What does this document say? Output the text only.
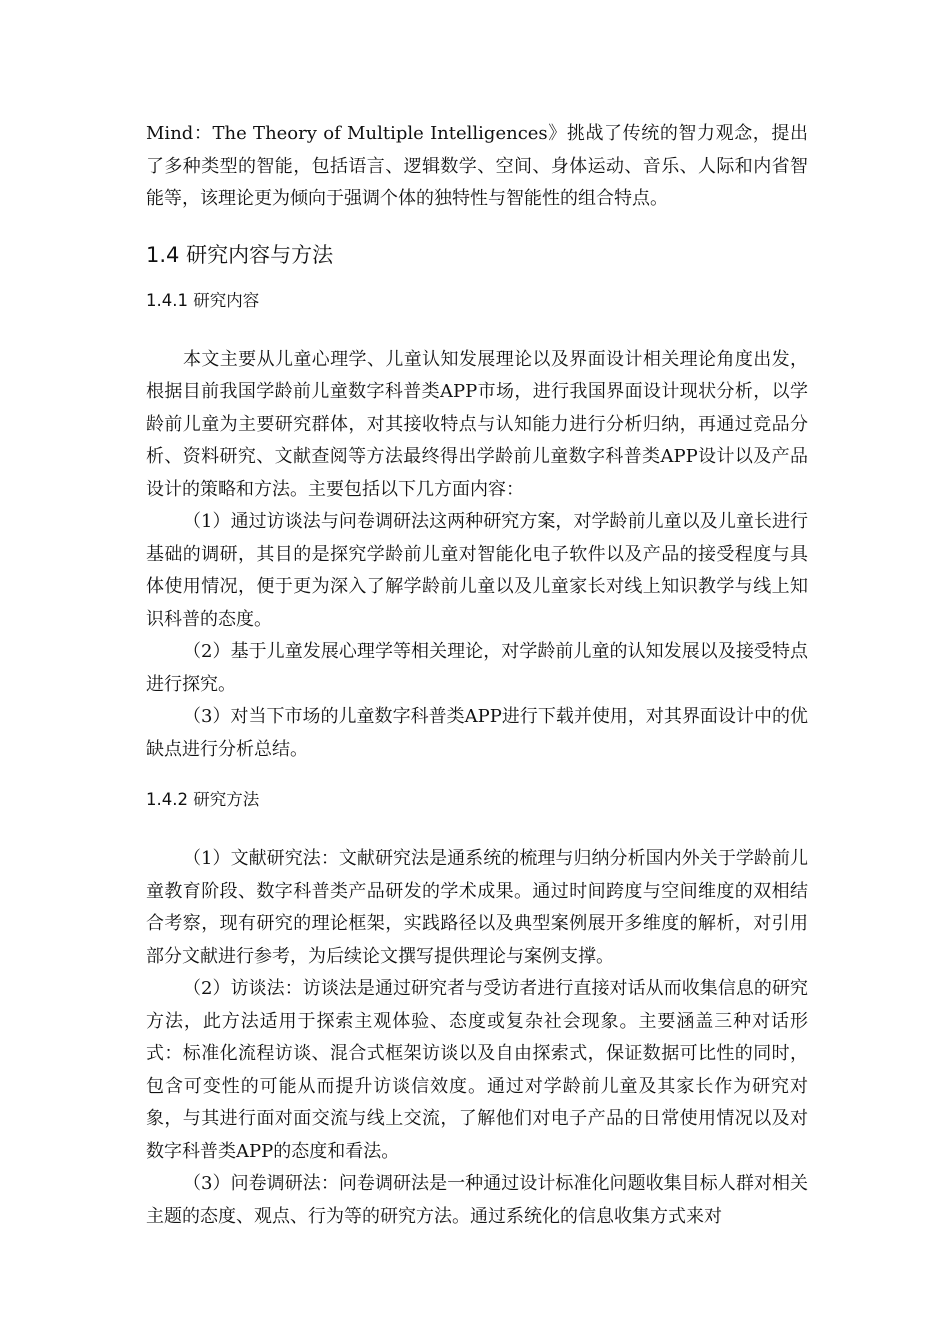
Mind：The Theory of Multiple Intelligences》挑战了传统的智力观念，提出了多种类型的智能，包括语言、逻辑数学、空间、身体运动、音乐、人际和内省智能等，该理论更为倾向于强调个体的独特性与智能性的组合特点。

1.4 研究内容与方法
1.4.1 研究内容

本文主要从儿童心理学、儿童认知发展理论以及界面设计相关理论角度出发，根据目前我国学龄前儿童数字科普类APP市场，进行我国界面设计现状分析，以学龄前儿童为主要研究群体，对其接收特点与认知能力进行分析归纳，再通过竞品分析、资料研究、文献查阅等方法最终得出学龄前儿童数字科普类APP设计以及产品设计的策略和方法。主要包括以下几方面内容：

（1）通过访谈法与问卷调研法这两种研究方案，对学龄前儿童以及儿童长进行基础的调研，其目的是探究学龄前儿童对智能化电子软件以及产品的接受程度与具体使用情况，便于更为深入了解学龄前儿童以及儿童家长对线上知识教学与线上知识科普的态度。

（2）基于儿童发展心理学等相关理论，对学龄前儿童的认知发展以及接受特点进行探究。

（3）对当下市场的儿童数字科普类APP进行下载并使用，对其界面设计中的优缺点进行分析总结。

1.4.2 研究方法

（1）文献研究法：文献研究法是通系统的梳理与归纳分析国内外关于学龄前儿童教育阶段、数字科普类产品研发的学术成果。通过时间跨度与空间维度的双相结合考察，现有研究的理论框架，实践路径以及典型案例展开多维度的解析，对引用部分文献进行参考，为后续论文撰写提供理论与案例支撑。

（2）访谈法：访谈法是通过研究者与受访者进行直接对话从而收集信息的研究方法，此方法适用于探索主观体验、态度或复杂社会现象。主要涵盖三种对话形式：标准化流程访谈、混合式框架访谈以及自由探索式，保证数据可比性的同时，包含可变性的可能从而提升访谈信效度。通过对学龄前儿童及其家长作为研究对象，与其进行面对面交流与线上交流，了解他们对电子产品的日常使用情况以及对数字科普类APP的态度和看法。

（3）问卷调研法：问卷调研法是一种通过设计标准化问题收集目标人群对相关主题的态度、观点、行为等的研究方法。通过系统化的信息收集方式来对
